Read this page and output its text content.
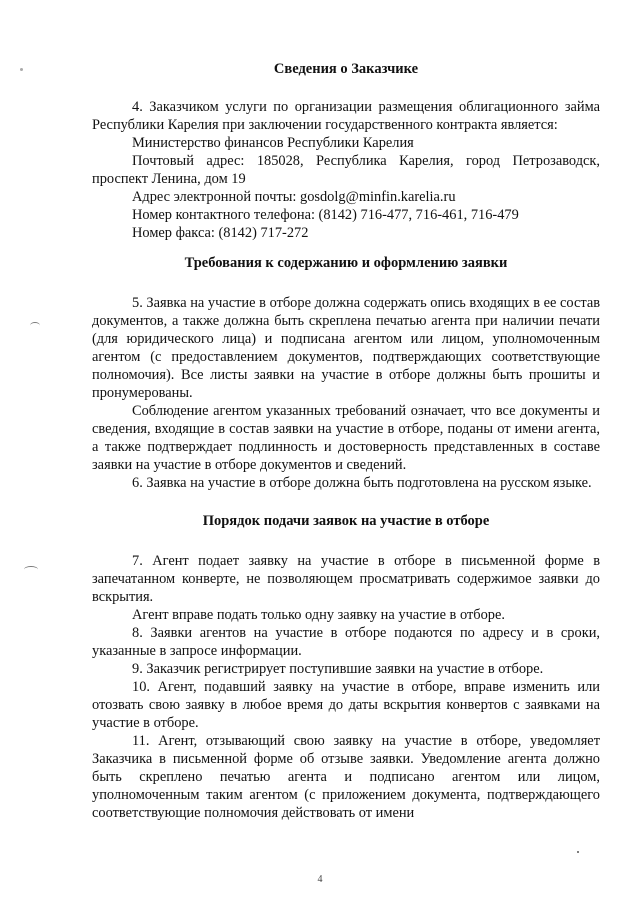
Сведения о Заказчике

4. Заказчиком услуги по организации размещения облигационного займа Республики Карелия при заключении государственного контракта является:

Министерство финансов Республики Карелия

Почтовый адрес: 185028, Республика Карелия, город Петрозаводск, проспект Ленина, дом 19

Адрес электронной почты: gosdolg@minfin.karelia.ru

Номер контактного телефона: (8142) 716-477, 716-461, 716-479

Номер факса: (8142) 717-272

Требования к содержанию и оформлению заявки

5. Заявка на участие в отборе должна содержать опись входящих в ее состав документов, а также должна быть скреплена печатью агента при наличии печати (для юридического лица) и подписана агентом или лицом, уполномоченным агентом (с предоставлением документов, подтверждающих соответствующие полномочия). Все листы заявки на участие в отборе должны быть прошиты и пронумерованы.

Соблюдение агентом указанных требований означает, что все документы и сведения, входящие в состав заявки на участие в отборе, поданы от имени агента, а также подтверждает подлинность и достоверность представленных в составе заявки на участие в отборе документов и сведений.

6. Заявка на участие в отборе должна быть подготовлена на русском языке.

Порядок подачи заявок на участие в отборе

7. Агент подает заявку на участие в отборе в письменной форме в запечатанном конверте, не позволяющем просматривать содержимое заявки до вскрытия.

Агент вправе подать только одну заявку на участие в отборе.

8. Заявки агентов на участие в отборе подаются по адресу и в сроки, указанные в запросе информации.

9. Заказчик регистрирует поступившие заявки на участие в отборе.

10. Агент, подавший заявку на участие в отборе, вправе изменить или отозвать свою заявку в любое время до даты вскрытия конвертов с заявками на участие в отборе.

11. Агент, отзывающий свою заявку на участие в отборе, уведомляет Заказчика в письменной форме об отзыве заявки. Уведомление агента должно быть скреплено печатью агента и подписано агентом или лицом, уполномоченным таким агентом (с приложением документа, подтверждающего соответствующие полномочия действовать от имени

4
